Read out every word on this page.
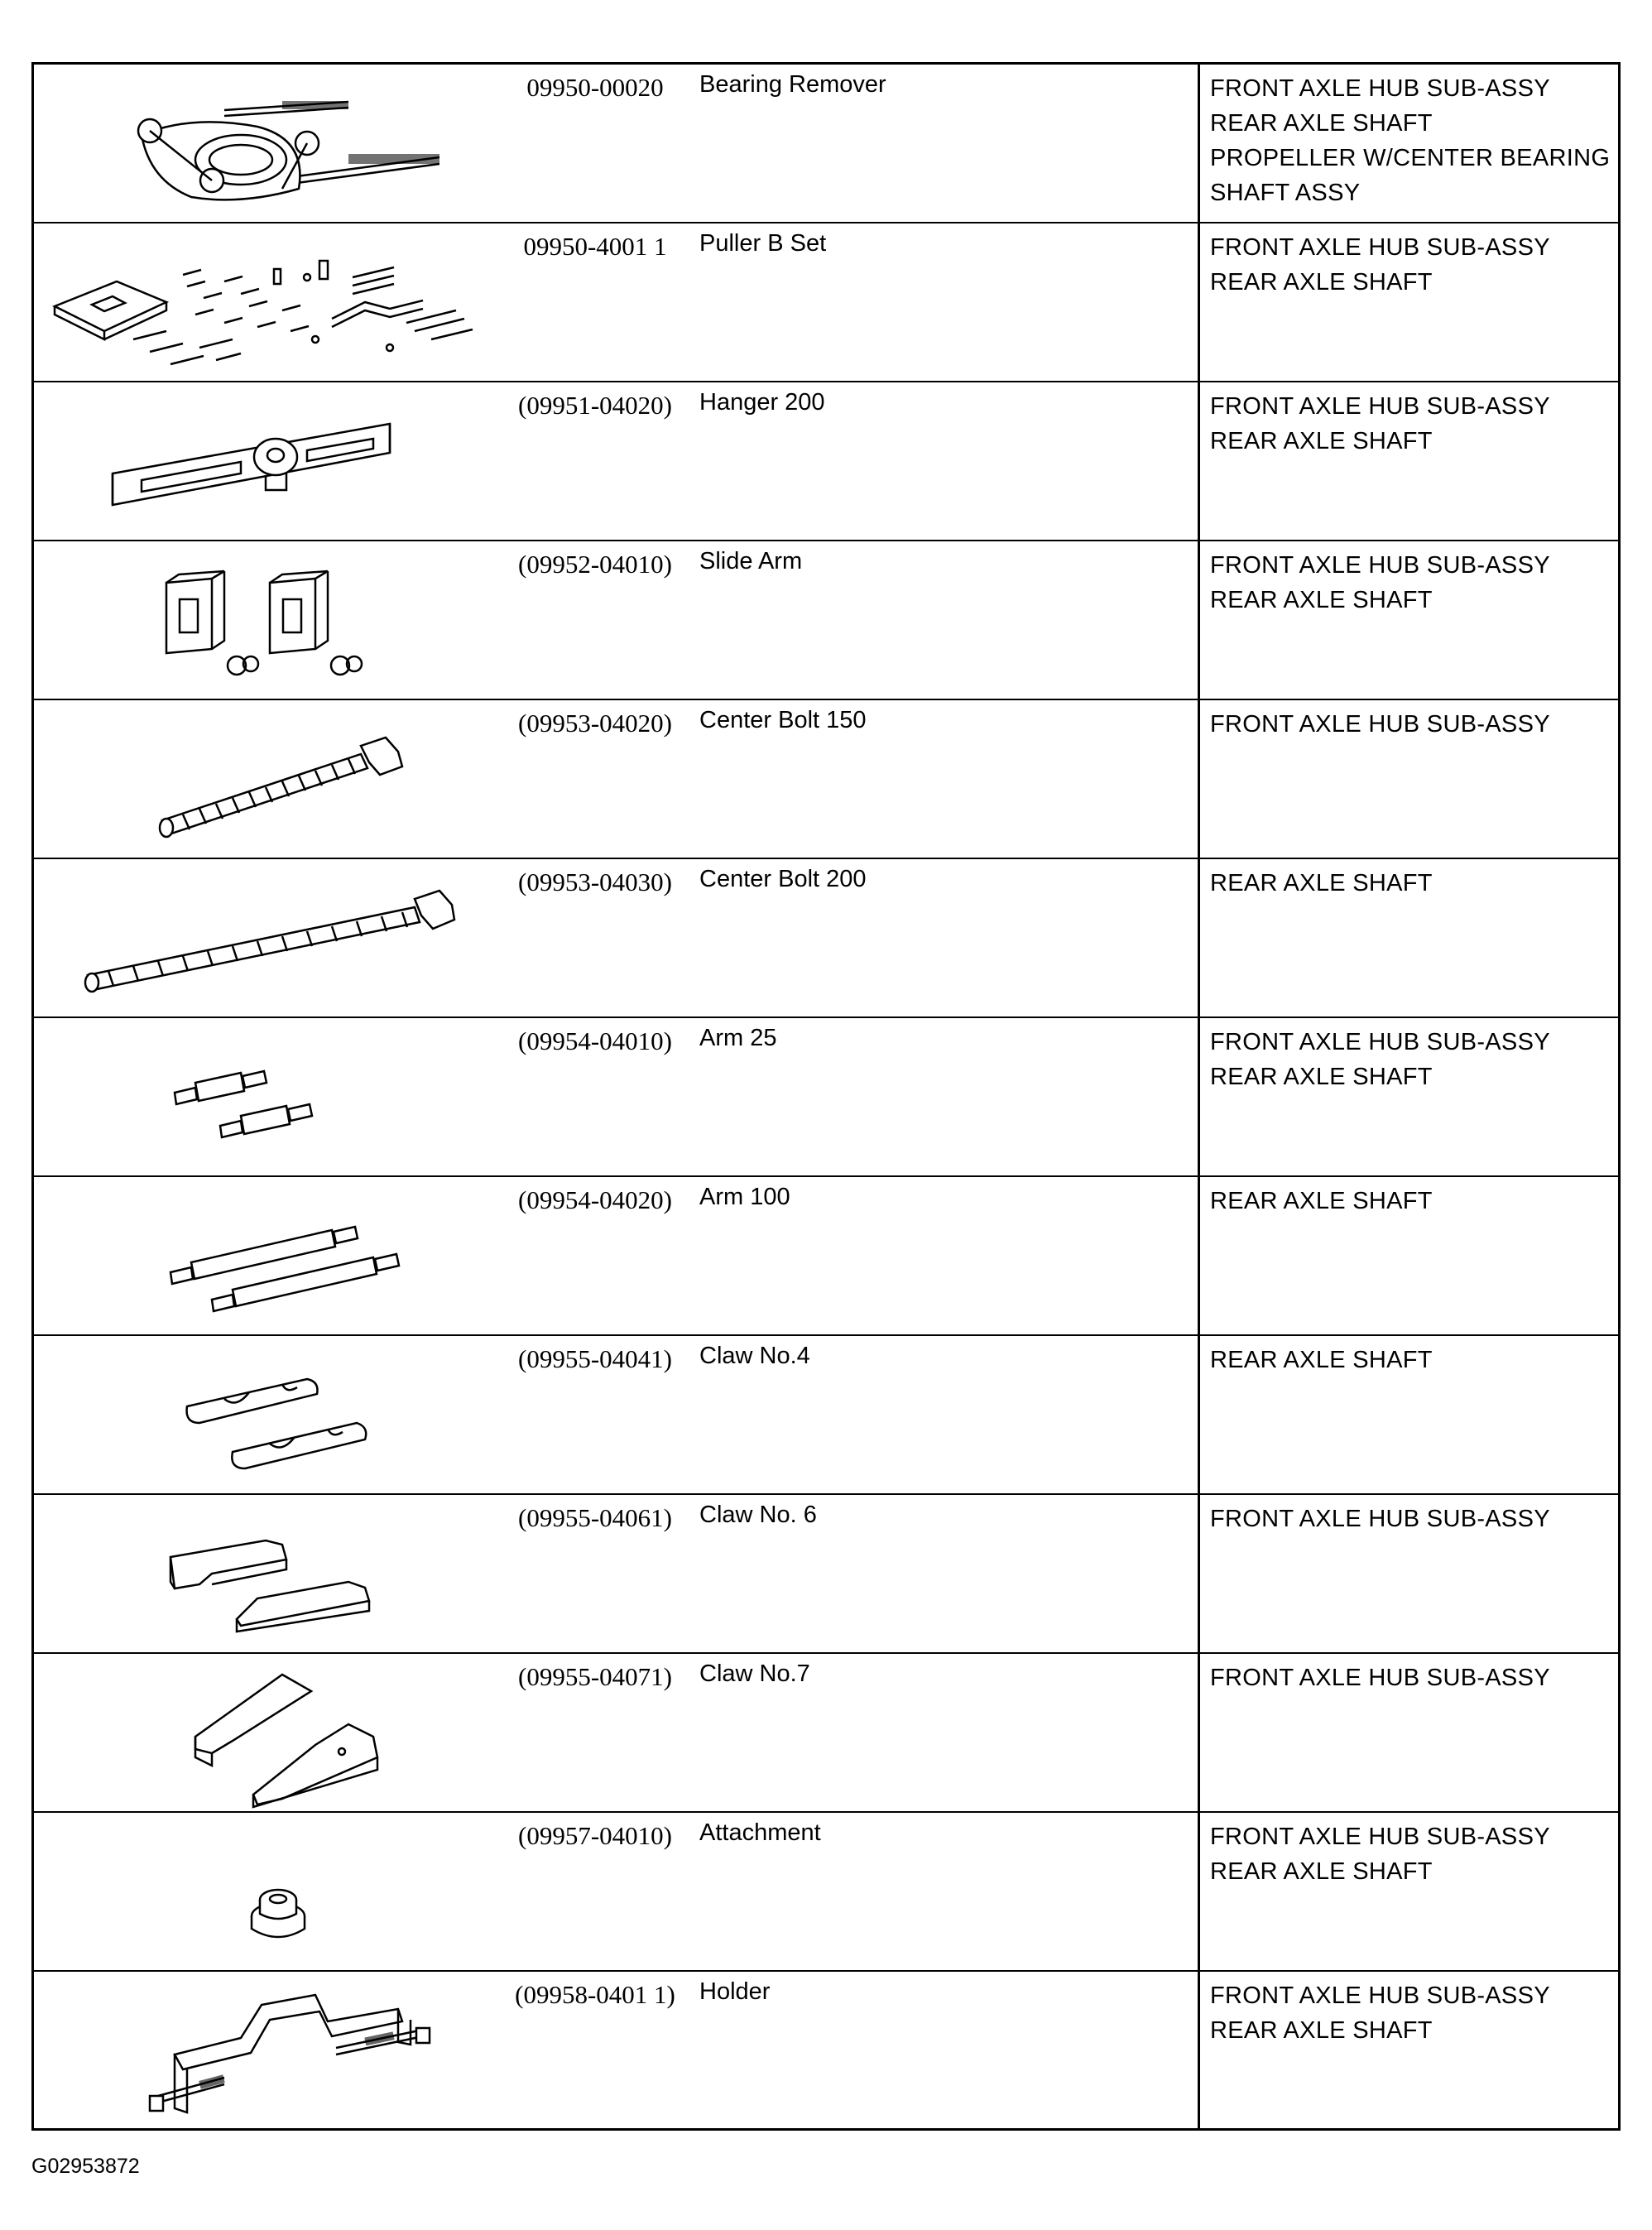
09950-00020	Bearing Remover	FRONT AXLE HUB SUB-ASSY
REAR AXLE SHAFT
PROPELLER W/CENTER BEARING
SHAFT ASSY
09950-4001 1	Puller B Set	FRONT AXLE HUB SUB-ASSY
REAR AXLE SHAFT
(09951-04020)	Hanger 200	FRONT AXLE HUB SUB-ASSY
REAR AXLE SHAFT
(09952-04010)	Slide Arm	FRONT AXLE HUB SUB-ASSY
REAR AXLE SHAFT
(09953-04020)	Center Bolt 150	FRONT AXLE HUB SUB-ASSY
(09953-04030)	Center Bolt 200	REAR AXLE SHAFT
(09954-04010)	Arm 25	FRONT AXLE HUB SUB-ASSY
REAR AXLE SHAFT
(09954-04020)	Arm 100	REAR AXLE SHAFT
(09955-04041)	Claw No.4	REAR AXLE SHAFT
(09955-04061)	Claw No. 6	FRONT AXLE HUB SUB-ASSY
(09955-04071)	Claw No.7	FRONT AXLE HUB SUB-ASSY
(09957-04010)	Attachment	FRONT AXLE HUB SUB-ASSY
REAR AXLE SHAFT
(09958-0401 1)	Holder	FRONT AXLE HUB SUB-ASSY
REAR AXLE SHAFT
G02953872
